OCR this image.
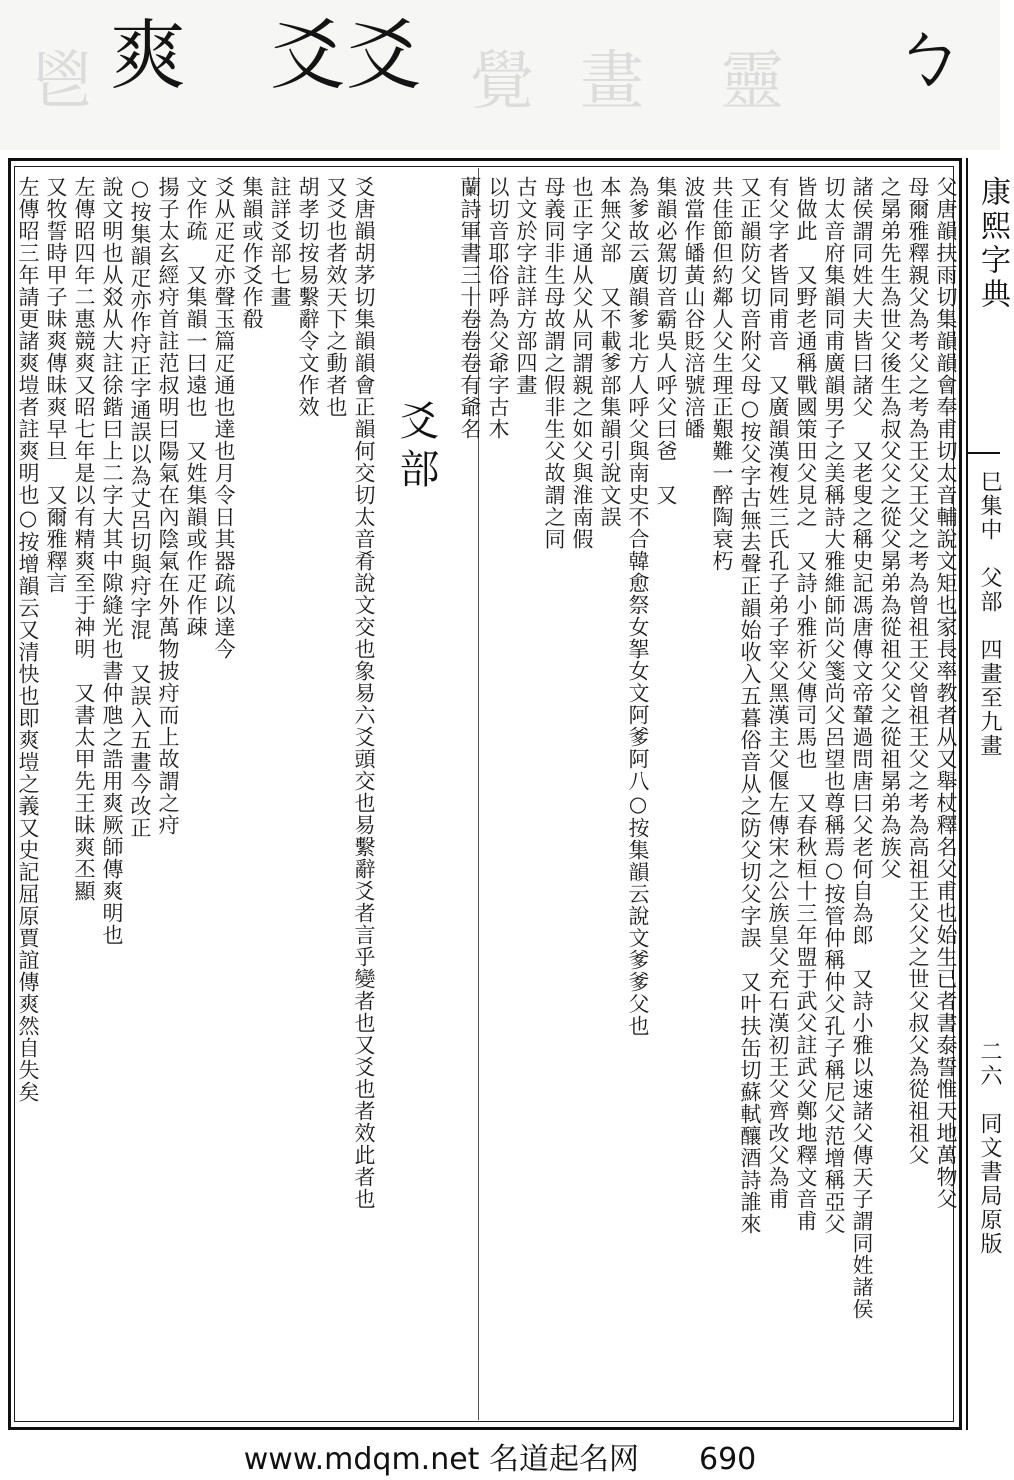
鬯	覺 畫 靈
爽 爻爻	ㄅ
康熙字典
巳集中　父部　四畫至九畫
二六　同文書局原版
爻部	父唐韻扶雨切集韻韻會奉甫切太音輔說文矩也家長率教者从又舉杖釋名父甫也始生已者書泰誓惟天地萬物父
母爾雅釋親父為考父之考為王父王父之考為曾祖王父曾祖王父之考為高祖王父父之世父叔父為從祖祖父
之晜弟先生為世父後生為叔父父之從父晜弟為從祖父父之從祖晜弟為族父
諸侯謂同姓大夫皆曰諸父　又老叟之稱史記馮唐傳文帝輦過問唐曰父老何自為郎　又詩小雅以速諸父傳天子謂同姓諸侯
切太音府集韻同甫廣韻男子之美稱詩大雅維師尚父箋尚父呂望也尊稱焉○按管仲稱仲父孔子稱尼父范增稱亞父
皆做此　又野老通稱戰國策田父見之　又詩小雅祈父傳司馬也　又春秋桓十三年盟于武父註武父鄭地釋文音甫
有父字者皆同甫音　又廣韻漢複姓三氏孔子弟子宰父黑漢主父偃左傳宋之公族皇父充石漢初王父齊改父為甫
又正韻防父切音附父母○按父字古無去聲正韻始收入五暮俗音从之防父切父字誤　又叶扶缶切蘇軾釀酒詩誰來
共佳節但約鄰人父生理正艱難一醉陶衰朽
波當作皤黃山谷貶涪號涪皤
集韻必駕切音霸吳人呼父曰爸　又
為爹故云廣韻爹北方人呼父與南史不合韓愈祭女挐女文阿爹阿八○按集韻云說文爹爹父也
本無父部　又不載爹部集韻引說文誤
也正字通从父从同謂親之如父與淮南假
母義同非生母故謂之假非生父故謂之同
古文於字註詳方部四畫
以切音耶俗呼為父爺字古木
蘭詩軍書三十卷卷卷有爺名
爻唐韻胡茅切集韻韻會正韻何交切太音肴說文交也象易六爻頭交也易繫辭爻者言乎變者也又爻也者效此者也
又爻也者效天下之動者也
胡孝切按易繫辭令文作效
註詳爻部七畫
集韻或作爻作殽
爻从疋疋亦聲玉篇疋通也達也月令日其器疏以達今
文作疏　又集韻一曰遠也　又姓集韻或作疋作疎
揚子太玄經疛首註范叔明曰陽氣在內陰氣在外萬物披疛而上故謂之疛
○按集韻疋亦作疛正字通誤以為丈呂切與疛字混　又誤入五畫今改正
說文明也从㸚从大註徐鍇曰上二字大其中隙縫光也書仲虺之誥用爽厥師傳爽明也
左傳昭四年二惠競爽又昭七年是以有精爽至于神明　又書太甲先王昧爽丕顯
又牧誓時甲子昧爽傳昧爽早旦　又爾雅釋言
左傳昭三年請更諸爽塏者註爽明也○按增韻云又清快也即爽塏之義又史記屈原賈誼傳爽然自失矣
www.mdqm.net 名道起名网　　690
